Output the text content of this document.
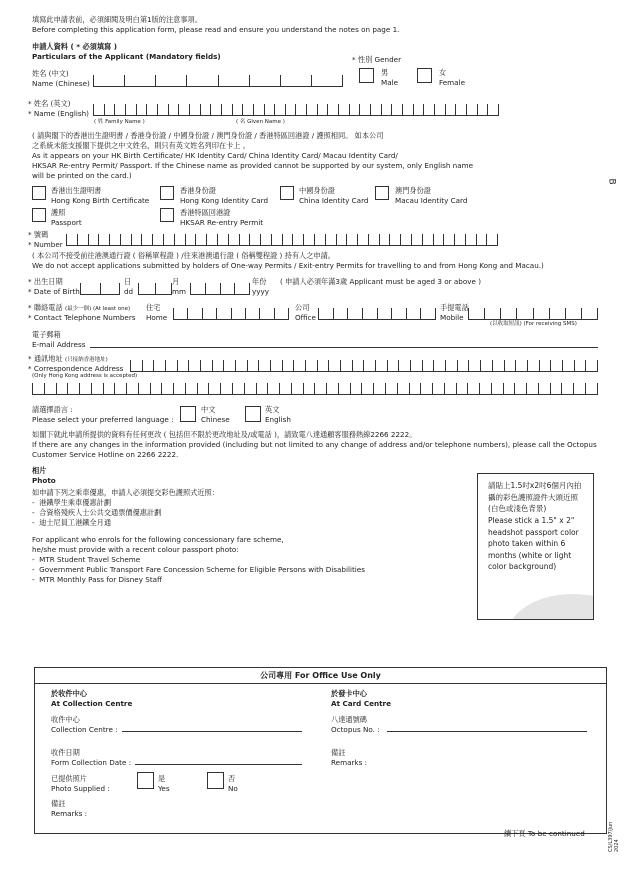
填寫此申請表前，必須細閱及明白第1版的注意事項。
Before completing this application form, please read and ensure you understand the notes on page 1.
申請人資料 ( * 必須填寫 )
Particulars of the Applicant (Mandatory fields)	* 性別 Gender
男
Male
女
Female
姓名 (中文)
Name (Chinese)
* 姓名 (英文)
* Name (English)
( 姓 Family Name )	( 名 Given Name )
( 請與閣下的香港出生證明書 / 香港身份證 / 中國身份證 / 澳門身份證 / 香港特區回港證 / 護照相同。 如本公司
之系統未能支援閣下提供之中文姓名，則只有英文姓名列印在卡上 。
As it appears on your HK Birth Certificate/ HK Identity Card/ China Identity Card/ Macau Identity Card/
HKSAR Re-entry Permit/ Passport. If the Chinese name as provided cannot be supported by our system, only English name
will be printed on the card.)
香港出生證明書
Hong Kong Birth Certificate
香港身份證
Hong Kong Identity Card
中國身份證
China Identity Card
澳門身份證
Macau Identity Card
護照
Passport
香港特區回港證
HKSAR Re-entry Permit
* 號碼
* Number
( 本公司不接受前往港澳通行證 ( 俗稱單程證 ) /往來港澳通行證 ( 俗稱雙程證 ) 持有人之申請。
We do not accept applications submitted by holders of One-way Permits / Exit-entry Permits for travelling to and from Hong Kong and Macau.)
* 出生日期
* Date of Birth
日
dd
月
mm
年份
yyyy
( 申請人必須年滿3歲 Applicant must be aged 3 or above )
* 聯絡電話 (最少一個) (At least one)
* Contact Telephone Numbers
住宅
Home
公司
Office
手提電話
Mobile
(以收取短訊) (For receiving SMS)
電子郵箱
E-mail Address
* 通訊地址 (只接納香港地址)
* Correspondence Address
(Only Hong Kong address is accepted)
請選擇語言 :
Please select your preferred language :
中文
Chinese
英文
English
如閣下就此申請所提供的資料有任何更改 ( 包括但不限於更改地址及/或電話 )，請致電八達通顧客服務熱線2266 2222。
If there are any changes in the information provided (including but not limited to any change of address and/or telephone numbers), please call the Octopus
Customer Service Hotline on 2266 2222.
相片
Photo
如申請下列之乘車優惠，申請人必須提交彩色護照式近照：
-  港鐵學生乘車優惠計劃
-  合資格殘疾人士公共交通票價優惠計劃
-  迪士尼員工港鐵全月通
For applicant who enrols for the following concessionary fare scheme,
he/she must provide with a recent colour passport photo:
-  MTR Student Travel Scheme
-  Government Public Transport Fare Concession Scheme for Eligible Persons with Disabilities
-  MTR Monthly Pass for Disney Staff
請貼上1.5吋x2吋6個月內拍攝的彩色護照證件大頭近照(白色或淺色背景)
Please stick a 1.5" x 2" headshot passport color photo taken within 6 months (white or light color background)
公司專用 For Office Use Only
於收件中心
At Collection Centre
收件中心
Collection Centre :
收件日期
Form Collection Date :
已提供照片
Photo Supplied :
是
Yes
否
No
備註
Remarks :
於發卡中心
At Card Centre
八達通號碼
Octopus No. :
備註
Remarks :
續下頁 To be continued
B
CS/L397/Jun 2024
